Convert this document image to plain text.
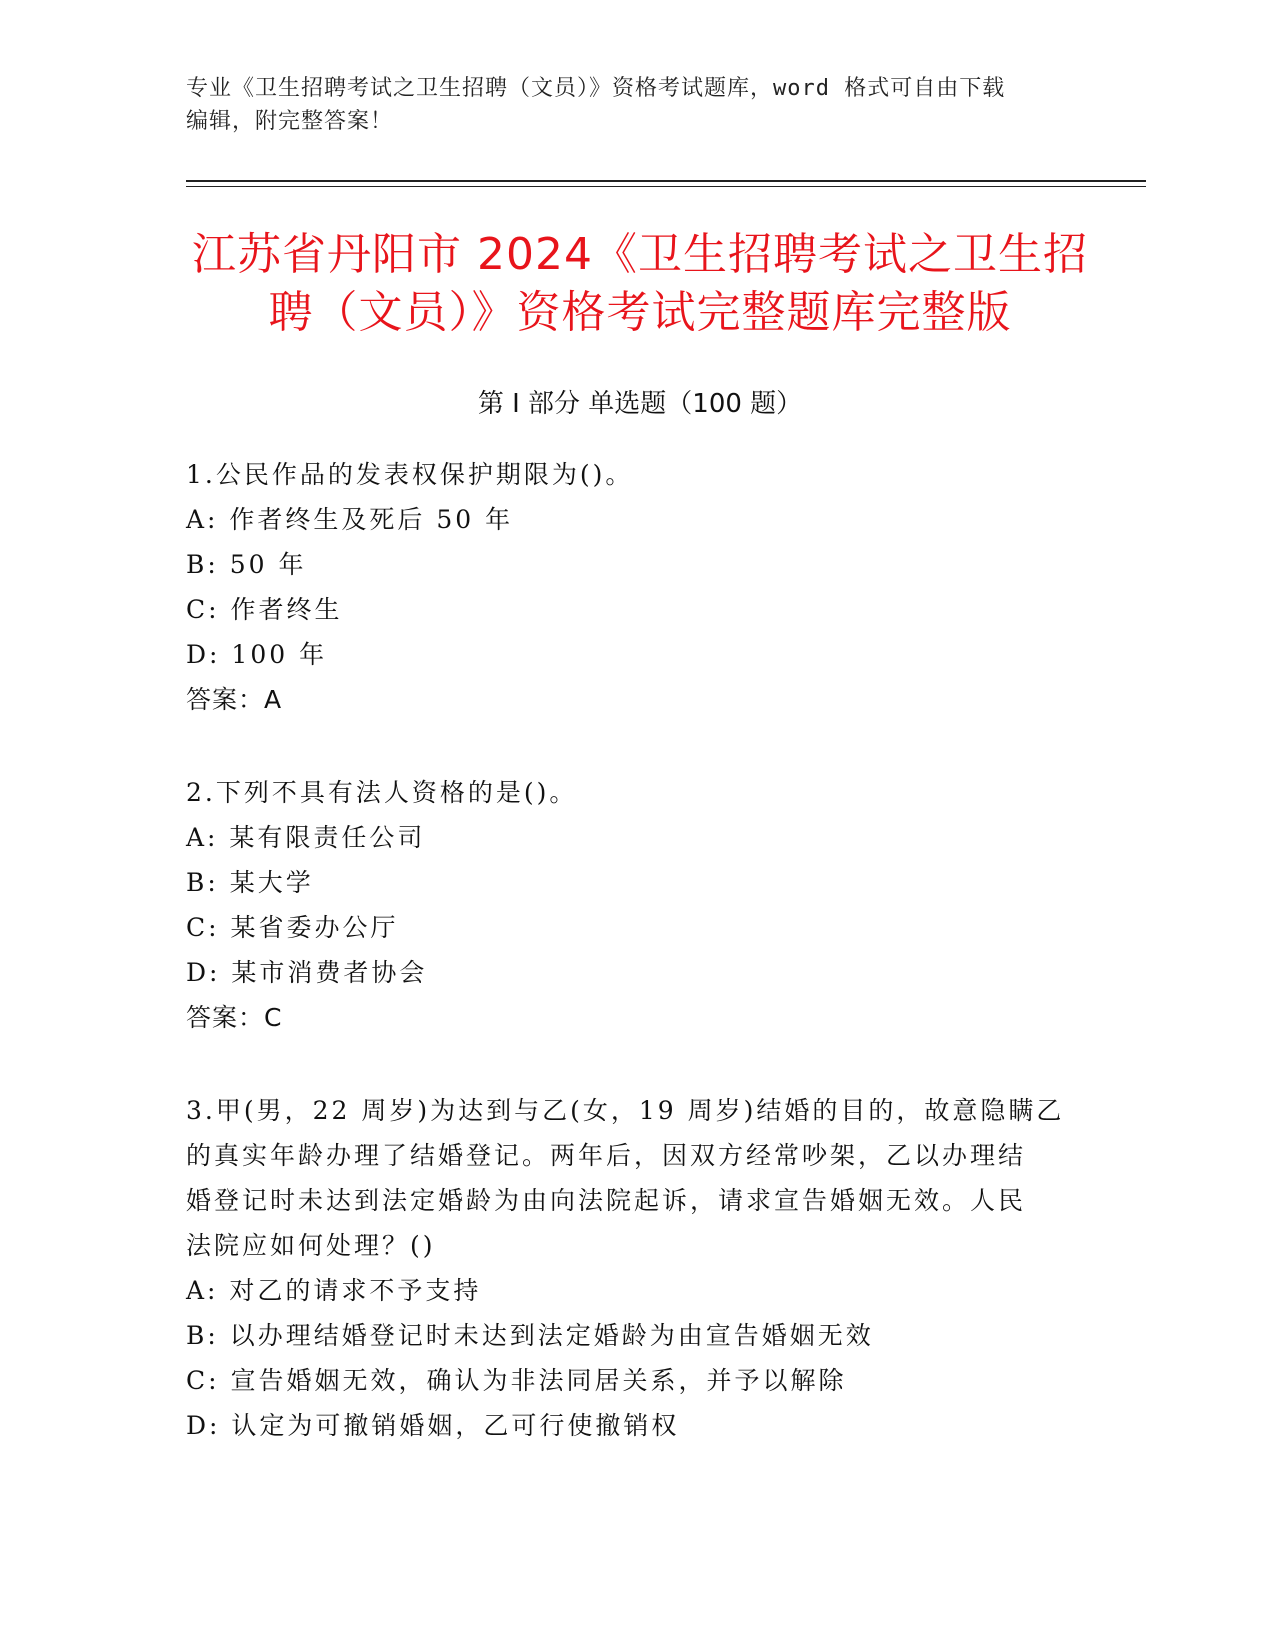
专业《卫生招聘考试之卫生招聘（文员）》资格考试题库，word 格式可自由下载
编辑，附完整答案！
江苏省丹阳市 2024《卫生招聘考试之卫生招
聘（文员）》资格考试完整题库完整版
第 I 部分 单选题（100 题）
1.公民作品的发表权保护期限为()。
A: 作者终生及死后 50 年
B: 50 年
C: 作者终生
D: 100 年
答案：A
2.下列不具有法人资格的是()。
A: 某有限责任公司
B: 某大学
C: 某省委办公厅
D: 某市消费者协会
答案：C
3.甲(男，22 周岁)为达到与乙(女，19 周岁)结婚的目的，故意隐瞒乙
的真实年龄办理了结婚登记。两年后，因双方经常吵架，乙以办理结
婚登记时未达到法定婚龄为由向法院起诉，请求宣告婚姻无效。人民
法院应如何处理？()
A: 对乙的请求不予支持
B: 以办理结婚登记时未达到法定婚龄为由宣告婚姻无效
C: 宣告婚姻无效，确认为非法同居关系，并予以解除
D: 认定为可撤销婚姻，乙可行使撤销权
